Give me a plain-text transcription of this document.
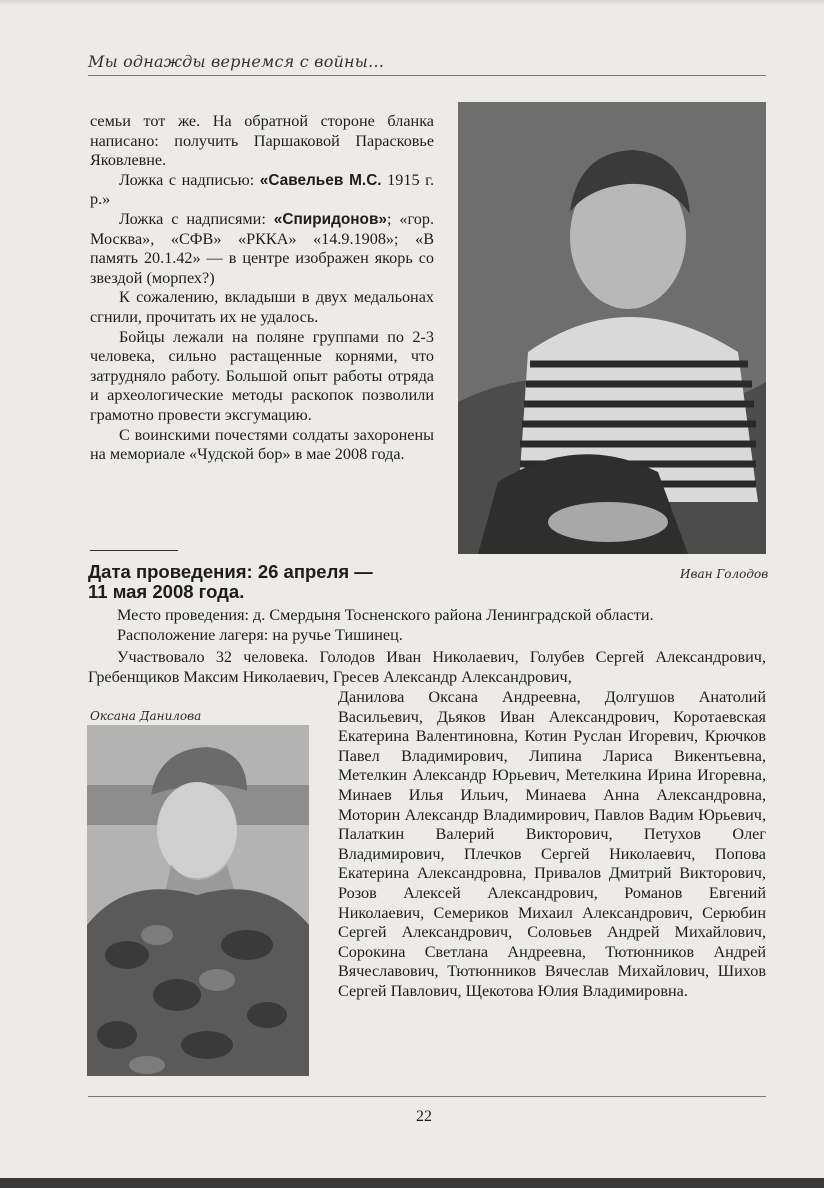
Мы однажды вернемся с войны…

семьи тот же. На обратной стороне бланка написано: получить Паршаковой Парасковье Яковлевне.

Ложка с надписью: «Савельев М.С. 1915 г. р.»

Ложка с надписями: «Спиридонов»; «гор. Москва», «СФВ» «РККА» «14.9.1908»; «В память 20.1.42» — в центре изображен якорь со звездой (морпех?)

К сожалению, вкладыши в двух медальонах сгнили, прочитать их не удалось.

Бойцы лежали на поляне группами по 2-3 человека, сильно растащенные корнями, что затрудняло работу. Большой опыт работы отряда и археологические методы раскопок позволили грамотно провести эксгумацию.

С воинскими почестями солдаты захоронены на мемориале «Чудской бор» в мае 2008 года.

Иван Голодов
Дата проведения: 26 апреля —
11 мая 2008 года.
Место проведения: д. Смердыня Тосненского района Ленинградской области.
Расположение лагеря: на ручье Тишинец.
Участвовало 32 человека. Голодов Иван Николаевич, Голубев Сергей Александрович, Гребенщиков Максим Николаевич, Гресев Александр Александрович,
Данилова Оксана Андреевна, Долгушов Анатолий Васильевич, Дьяков Иван Александрович, Коротаевская Екатерина Валентиновна, Котин Руслан Игоревич, Крючков Павел Владимирович, Липина Лариса Викентьевна, Метелкин Александр Юрьевич, Метелкина Ирина Игоревна, Минаев Илья Ильич, Минаева Анна Александровна, Моторин Александр Владимирович, Павлов Вадим Юрьевич, Палаткин Валерий Викторович, Петухов Олег Владимирович, Плечков Сергей Николаевич, Попова Екатерина Александровна, Привалов Дмитрий Викторович, Розов Алексей Александрович, Романов Евгений Николаевич, Семериков Михаил Александрович, Серюбин Сергей Александрович, Соловьев Андрей Михайлович, Сорокина Светлана Андреевна, Тютюнников Андрей Вячеславович, Тютюнников Вячеслав Михайлович, Шихов Сергей Павлович, Щекотова Юлия Владимировна.
Оксана Данилова
22
